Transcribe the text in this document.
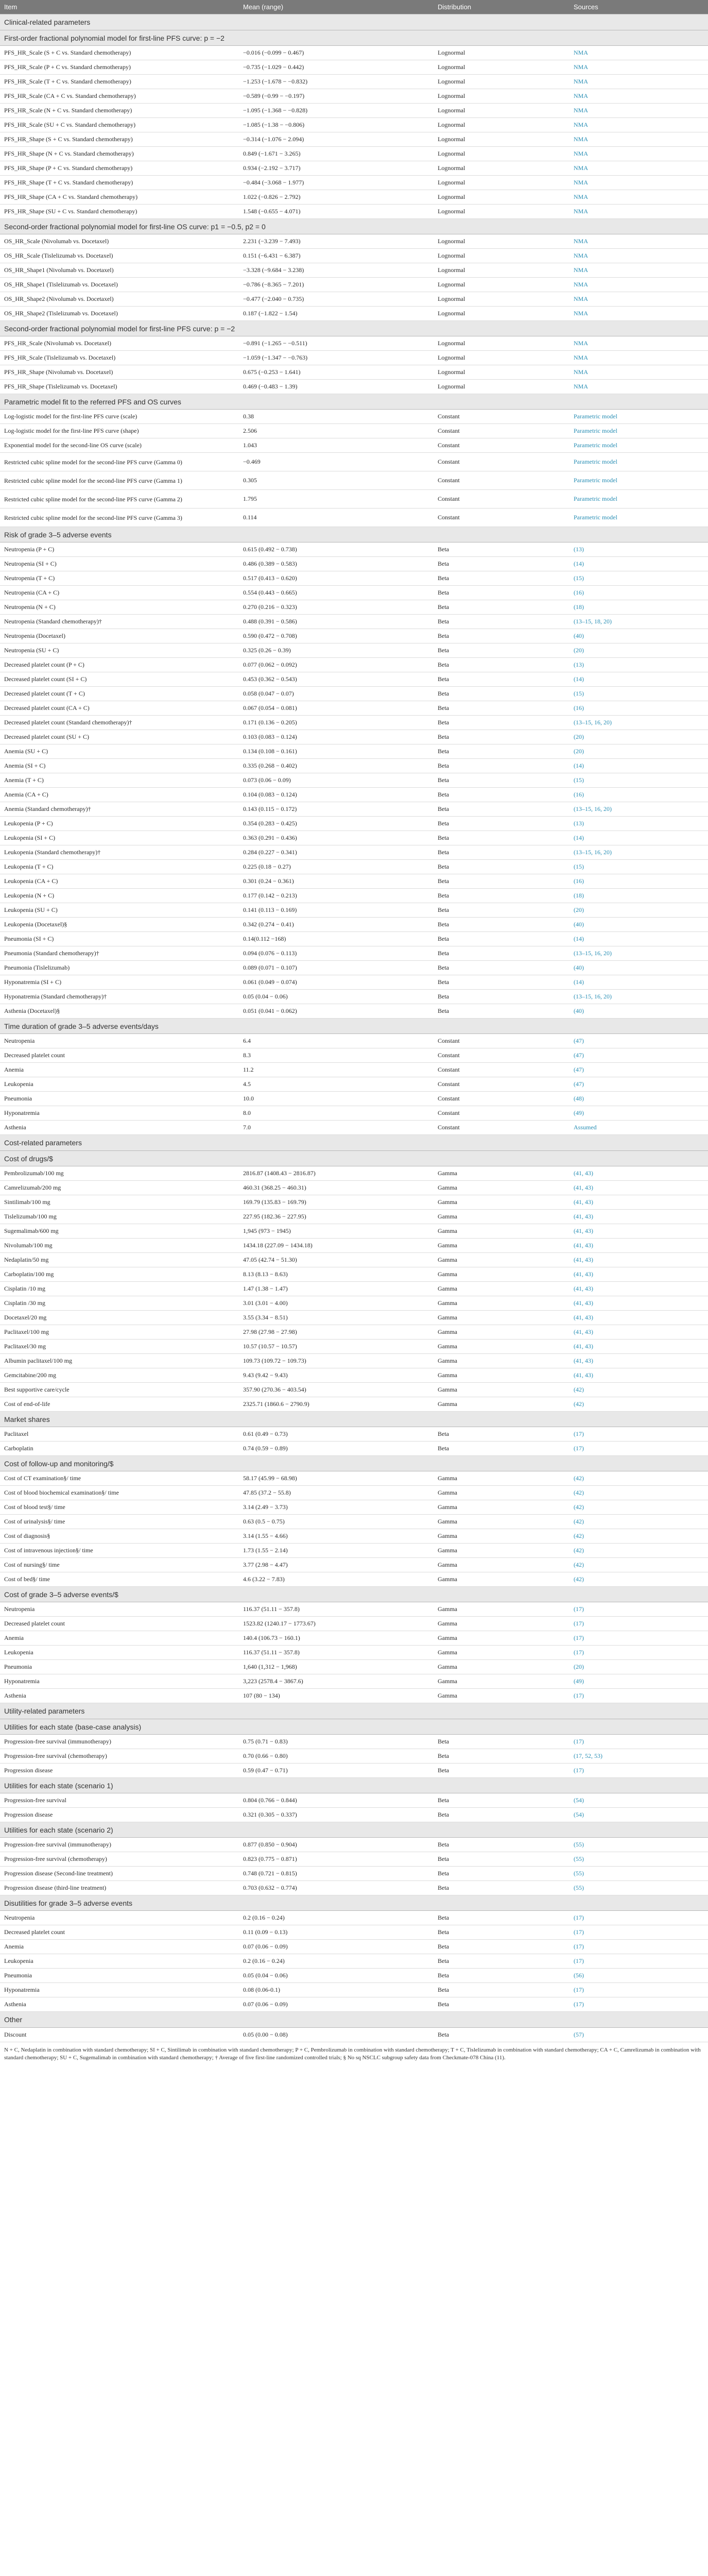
Item	Mean (range)	Distribution	Sources
Clinical-related parameters			
First-order fractional polynomial model for first-line PFS curve: p = −2			
PFS_HR_Scale (S + C vs. Standard chemotherapy)	−0.016 (−0.099 − 0.467)	Lognormal	NMA
PFS_HR_Scale (P + C vs. Standard chemotherapy)	−0.735 (−1.029 − 0.442)	Lognormal	NMA
PFS_HR_Scale (T + C vs. Standard chemotherapy)	−1.253 (−1.678 − −0.832)	Lognormal	NMA
PFS_HR_Scale (CA + C vs. Standard chemotherapy)	−0.589 (−0.99 − −0.197)	Lognormal	NMA
PFS_HR_Scale (N + C vs. Standard chemotherapy)	−1.095 (−1.368 − −0.828)	Lognormal	NMA
PFS_HR_Scale (SU + C vs. Standard chemotherapy)	−1.085 (−1.38 − −0.806)	Lognormal	NMA
PFS_HR_Shape (S + C vs. Standard chemotherapy)	−0.314 (−1.076 − 2.094)	Lognormal	NMA
PFS_HR_Shape (N + C vs. Standard chemotherapy)	0.849 (−1.671 − 3.265)	Lognormal	NMA
PFS_HR_Shape (P + C vs. Standard chemotherapy)	0.934 (−2.192 − 3.717)	Lognormal	NMA
PFS_HR_Shape (T + C vs. Standard chemotherapy)	−0.484 (−3.068 − 1.977)	Lognormal	NMA
PFS_HR_Shape (CA + C vs. Standard chemotherapy)	1.022 (−0.826 − 2.792)	Lognormal	NMA
PFS_HR_Shape (SU + C vs. Standard chemotherapy)	1.548 (−0.655 − 4.071)	Lognormal	NMA
Second-order fractional polynomial model for first-line OS curve: p1 = −0.5, p2 = 0			
OS_HR_Scale (Nivolumab vs. Docetaxel)	2.231 (−3.239 − 7.493)	Lognormal	NMA
OS_HR_Scale (Tislelizumab vs. Docetaxel)	0.151 (−6.431 − 6.387)	Lognormal	NMA
OS_HR_Shape1 (Nivolumab vs. Docetaxel)	−3.328 (−9.684 − 3.238)	Lognormal	NMA
OS_HR_Shape1 (Tislelizumab vs. Docetaxel)	−0.786 (−8.365 − 7.201)	Lognormal	NMA
OS_HR_Shape2 (Nivolumab vs. Docetaxel)	−0.477 (−2.040 − 0.735)	Lognormal	NMA
OS_HR_Shape2 (Tislelizumab vs. Docetaxel)	0.187 (−1.822 − 1.54)	Lognormal	NMA
Second-order fractional polynomial model for first-line PFS curve: p = −2			
PFS_HR_Scale (Nivolumab vs. Docetaxel)	−0.891 (−1.265 − −0.511)	Lognormal	NMA
PFS_HR_Scale (Tislelizumab vs. Docetaxel)	−1.059 (−1.347 − −0.763)	Lognormal	NMA
PFS_HR_Shape (Nivolumab vs. Docetaxel)	0.675 (−0.253 − 1.641)	Lognormal	NMA
PFS_HR_Shape (Tislelizumab vs. Docetaxel)	0.469 (−0.483 − 1.39)	Lognormal	NMA
Parametric model fit to the referred PFS and OS curves			
Log-logistic model for the first-line PFS curve (scale)	0.38	Constant	Parametric model
Log-logistic model for the first-line PFS curve (shape)	2.506	Constant	Parametric model
Exponential model for the second-line OS curve (scale)	1.043	Constant	Parametric model
Restricted cubic spline model for the second-line PFS curve (Gamma 0)	−0.469	Constant	Parametric model
Restricted cubic spline model for the second-line PFS curve (Gamma 1)	0.305	Constant	Parametric model
Restricted cubic spline model for the second-line PFS curve (Gamma 2)	1.795	Constant	Parametric model
Restricted cubic spline model for the second-line PFS curve (Gamma 3)	0.114	Constant	Parametric model
Risk of grade 3–5 adverse events			
Neutropenia (P + C)	0.615 (0.492 − 0.738)	Beta	(13)
Neutropenia (SI + C)	0.486 (0.389 − 0.583)	Beta	(14)
Neutropenia (T + C)	0.517 (0.413 − 0.620)	Beta	(15)
Neutropenia (CA + C)	0.554 (0.443 − 0.665)	Beta	(16)
Neutropenia (N + C)	0.270 (0.216 − 0.323)	Beta	(18)
Neutropenia (Standard chemotherapy)†	0.488 (0.391 − 0.586)	Beta	(13–15, 18, 20)
Neutropenia (Docetaxel)	0.590 (0.472 − 0.708)	Beta	(40)
Neutropenia (SU + C)	0.325 (0.26 − 0.39)	Beta	(20)
Decreased platelet count (P + C)	0.077 (0.062 − 0.092)	Beta	(13)
Decreased platelet count (SI + C)	0.453 (0.362 − 0.543)	Beta	(14)
Decreased platelet count (T + C)	0.058 (0.047 − 0.07)	Beta	(15)
Decreased platelet count (CA + C)	0.067 (0.054 − 0.081)	Beta	(16)
Decreased platelet count (Standard chemotherapy)†	0.171 (0.136 − 0.205)	Beta	(13–15, 16, 20)
Decreased platelet count (SU + C)	0.103 (0.083 − 0.124)	Beta	(20)
Anemia (SU + C)	0.134 (0.108 − 0.161)	Beta	(20)
Anemia (SI + C)	0.335 (0.268 − 0.402)	Beta	(14)
Anemia (T + C)	0.073 (0.06 − 0.09)	Beta	(15)
Anemia (CA + C)	0.104 (0.083 − 0.124)	Beta	(16)
Anemia (Standard chemotherapy)†	0.143 (0.115 − 0.172)	Beta	(13–15, 16, 20)
Leukopenia (P + C)	0.354 (0.283 − 0.425)	Beta	(13)
Leukopenia (SI + C)	0.363 (0.291 − 0.436)	Beta	(14)
Leukopenia (Standard chemotherapy)†	0.284 (0.227 − 0.341)	Beta	(13–15, 16, 20)
Leukopenia (T + C)	0.225 (0.18 − 0.27)	Beta	(15)
Leukopenia (CA + C)	0.301 (0.24 − 0.361)	Beta	(16)
Leukopenia (N + C)	0.177 (0.142 − 0.213)	Beta	(18)
Leukopenia (SU + C)	0.141 (0.113 − 0.169)	Beta	(20)
Leukopenia (Docetaxel)§	0.342 (0.274 − 0.41)	Beta	(40)
Pneumonia (SI + C)	0.14(0.112 −168)	Beta	(14)
Pneumonia (Standard chemotherapy)†	0.094 (0.076 − 0.113)	Beta	(13–15, 16, 20)
Pneumonia (Tislelizumab)	0.089 (0.071 − 0.107)	Beta	(40)
Hyponatremia (SI + C)	0.061 (0.049 − 0.074)	Beta	(14)
Hyponatremia (Standard chemotherapy)†	0.05 (0.04 − 0.06)	Beta	(13–15, 16, 20)
Asthenia (Docetaxel)§	0.051 (0.041 − 0.062)	Beta	(40)
Time duration of grade 3–5 adverse events/days			
Neutropenia	6.4	Constant	(47)
Decreased platelet count	8.3	Constant	(47)
Anemia	11.2	Constant	(47)
Leukopenia	4.5	Constant	(47)
Pneumonia	10.0	Constant	(48)
Hyponatremia	8.0	Constant	(49)
Asthenia	7.0	Constant	Assumed
Cost-related parameters			
Cost of drugs/$			
Pembrolizumab/100 mg	2816.87 (1408.43 − 2816.87)	Gamma	(41, 43)
Camrelizumab/200 mg	460.31 (368.25 − 460.31)	Gamma	(41, 43)
Sintilimab/100 mg	169.79 (135.83 − 169.79)	Gamma	(41, 43)
Tislelizumab/100 mg	227.95 (182.36 − 227.95)	Gamma	(41, 43)
Sugemalimab/600 mg	1,945 (973 − 1945)	Gamma	(41, 43)
Nivolumab/100 mg	1434.18 (227.09 − 1434.18)	Gamma	(41, 43)
Nedaplatin/50 mg	47.05 (42.74 − 51.30)	Gamma	(41, 43)
Carboplatin/100 mg	8.13 (8.13 − 8.63)	Gamma	(41, 43)
Cisplatin /10 mg	1.47 (1.38 − 1.47)	Gamma	(41, 43)
Cisplatin /30 mg	3.01 (3.01 − 4.00)	Gamma	(41, 43)
Docetaxel/20 mg	3.55 (3.34 − 8.51)	Gamma	(41, 43)
Paclitaxel/100 mg	27.98 (27.98 − 27.98)	Gamma	(41, 43)
Paclitaxel/30 mg	10.57 (10.57 − 10.57)	Gamma	(41, 43)
Albumin paclitaxel/100 mg	109.73 (109.72 − 109.73)	Gamma	(41, 43)
Gemcitabine/200 mg	9.43 (9.42 − 9.43)	Gamma	(41, 43)
Best supportive care/cycle	357.90 (270.36 − 403.54)	Gamma	(42)
Cost of end-of-life	2325.71 (1860.6 − 2790.9)	Gamma	(42)
Market shares			
Paclitaxel	0.61 (0.49 − 0.73)	Beta	(17)
Carboplatin	0.74 (0.59 − 0.89)	Beta	(17)
Cost of follow-up and monitoring/$			
Cost of CT examination§/ time	58.17 (45.99 − 68.98)	Gamma	(42)
Cost of blood biochemical examination§/ time	47.85 (37.2 − 55.8)	Gamma	(42)
Cost of blood test§/ time	3.14 (2.49 − 3.73)	Gamma	(42)
Cost of urinalysis§/ time	0.63 (0.5 − 0.75)	Gamma	(42)
Cost of diagnosis§	3.14 (1.55 − 4.66)	Gamma	(42)
Cost of intravenous injection§/ time	1.73 (1.55 − 2.14)	Gamma	(42)
Cost of nursing§/ time	3.77 (2.98 − 4.47)	Gamma	(42)
Cost of bed§/ time	4.6 (3.22 − 7.83)	Gamma	(42)
Cost of grade 3–5 adverse events/$			
Neutropenia	116.37 (51.11 − 357.8)	Gamma	(17)
Decreased platelet count	1523.82 (1240.17 − 1773.67)	Gamma	(17)
Anemia	140.4 (106.73 − 160.1)	Gamma	(17)
Leukopenia	116.37 (51.11 − 357.8)	Gamma	(17)
Pneumonia	1,640 (1,312 − 1,968)	Gamma	(20)
Hyponatremia	3,223 (2578.4 − 3867.6)	Gamma	(49)
Asthenia	107 (80 − 134)	Gamma	(17)
Utility-related parameters			
Utilities for each state (base-case analysis)			
Progression-free survival (immunotherapy)	0.75 (0.71 − 0.83)	Beta	(17)
Progression-free survival (chemotherapy)	0.70 (0.66 − 0.80)	Beta	(17, 52, 53)
Progression disease	0.59 (0.47 − 0.71)	Beta	(17)
Utilities for each state (scenario 1)			
Progression-free survival	0.804 (0.766 − 0.844)	Beta	(54)
Progression disease	0.321 (0.305 − 0.337)	Beta	(54)
Utilities for each state (scenario 2)			
Progression-free survival (immunotherapy)	0.877 (0.850 − 0.904)	Beta	(55)
Progression-free survival (chemotherapy)	0.823 (0.775 − 0.871)	Beta	(55)
Progression disease (Second-line treatment)	0.748 (0.721 − 0.815)	Beta	(55)
Progression disease (third-line treatment)	0.703 (0.632 − 0.774)	Beta	(55)
Disutilities for grade 3–5 adverse events			
Neutropenia	0.2 (0.16 − 0.24)	Beta	(17)
Decreased platelet count	0.11 (0.09 − 0.13)	Beta	(17)
Anemia	0.07 (0.06 − 0.09)	Beta	(17)
Leukopenia	0.2 (0.16 − 0.24)	Beta	(17)
Pneumonia	0.05 (0.04 − 0.06)	Beta	(56)
Hyponatremia	0.08 (0.06-0.1)	Beta	(17)
Asthenia	0.07 (0.06 − 0.09)	Beta	(17)
Other			
Discount	0.05 (0.00 − 0.08)	Beta	(57)
N + C, Nedaplatin in combination with standard chemotherapy; SI + C, Sintilimab in combination with standard chemotherapy; P + C, Pembrolizumab in combination with standard chemotherapy; T + C, Tislelizumab in combination with standard chemotherapy; CA + C, Camrelizumab in combination with standard chemotherapy; SU + C, Sugemalimab in combination with standard chemotherapy; † Average of five first-line randomized controlled trials; § No sq NSCLC subgroup safety data from Checkmate-078 China (11).
